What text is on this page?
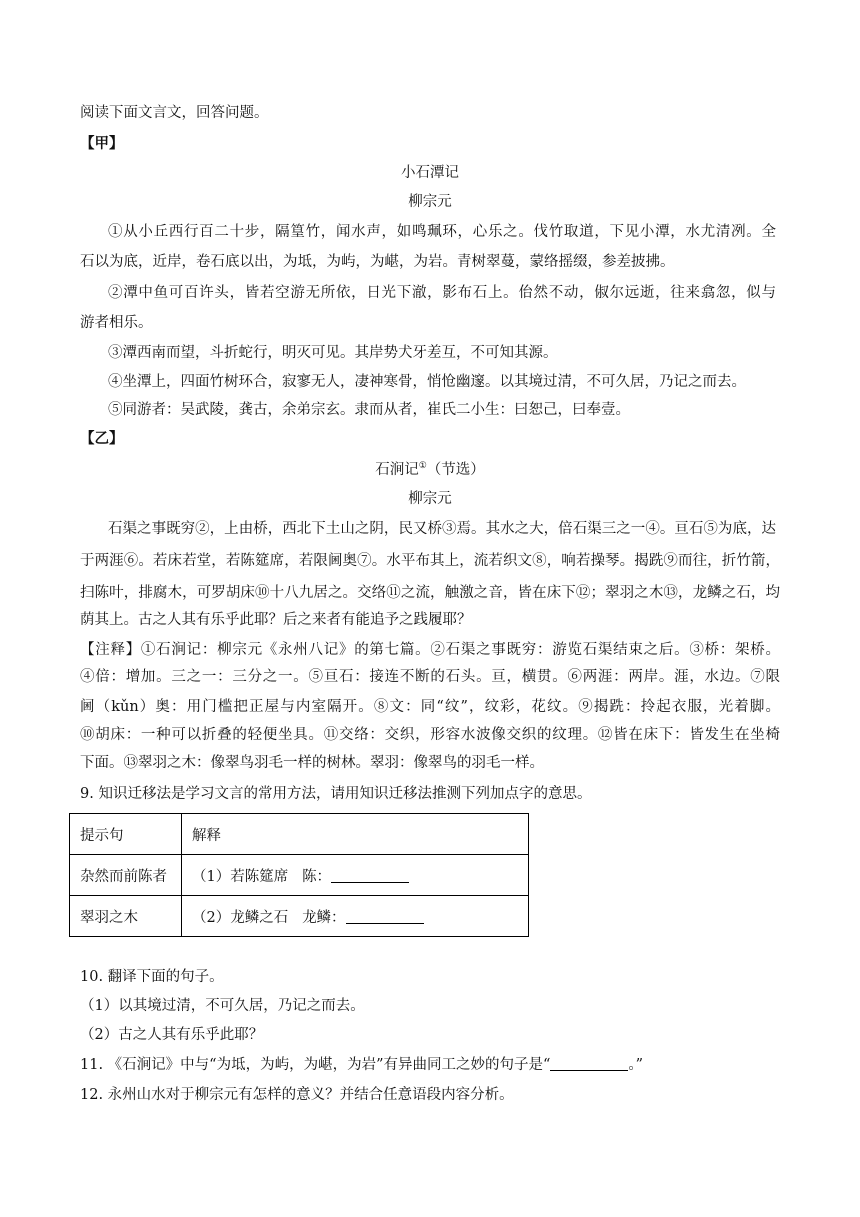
阅读下面文言文，回答问题。
【甲】
小石潭记
柳宗元
①从小丘西行百二十步，隔篁竹，闻水声，如鸣珮环，心乐之。伐竹取道，下见小潭，水尤清冽。全
石以为底，近岸，卷石底以出，为坻，为屿，为嵁，为岩。青树翠蔓，蒙络摇缀，参差披拂。
②潭中鱼可百许头，皆若空游无所依，日光下澈，影布石上。佁然不动，俶尔远逝，往来翕忽，似与
游者相乐。
③潭西南而望，斗折蛇行，明灭可见。其岸势犬牙差互，不可知其源。
④坐潭上，四面竹树环合，寂寥无人，凄神寒骨，悄怆幽邃。以其境过清，不可久居，乃记之而去。
⑤同游者：吴武陵，龚古，余弟宗玄。隶而从者，崔氏二小生：曰恕己，曰奉壹。
【乙】
石涧记①（节选）
柳宗元
石渠之事既穷②，上由桥，西北下土山之阴，民又桥③焉。其水之大，倍石渠三之一④。亘石⑤为底，达
于两涯⑥。若床若堂，若陈筵席，若限阃奥⑦。水平布其上，流若织文⑧，响若操琴。揭跣⑨而往，折竹箭，
扫陈叶，排腐木，可罗胡床⑩十八九居之。交络⑪之流，触激之音，皆在床下⑫；翠羽之木⑬，龙鳞之石，均
荫其上。古之人其有乐乎此耶？后之来者有能追予之践履耶？
【注释】①石涧记：柳宗元《永州八记》的第七篇。②石渠之事既穷：游览石渠结束之后。③桥：架桥。
④倍：增加。三之一：三分之一。⑤亘石：接连不断的石头。亘，横贯。⑥两涯：两岸。涯，水边。⑦限
阃（kǔn）奥：用门槛把正屋与内室隔开。⑧文：同“纹”，纹彩，花纹。⑨揭跣：拎起衣服，光着脚。
⑩胡床：一种可以折叠的轻便坐具。⑪交络：交织，形容水波像交织的纹理。⑫皆在床下：皆发生在坐椅
下面。⑬翠羽之木：像翠鸟羽毛一样的树林。翠羽：像翠鸟的羽毛一样。
9. 知识迁移法是学习文言的常用方法，请用知识迁移法推测下列加点字的意思。
提示句	解释
杂然而前陈者	（1）若陈筵席 陈：
翠羽之木	（2）龙鳞之石 龙鳞：
10. 翻译下面的句子。
（1）以其境过清，不可久居，乃记之而去。
（2）古之人其有乐乎此耶？
11. 《石涧记》中与“为坻，为屿，为嵁，为岩”有异曲同工之妙的句子是“	。”
12. 永州山水对于柳宗元有怎样的意义？并结合任意语段内容分析。
